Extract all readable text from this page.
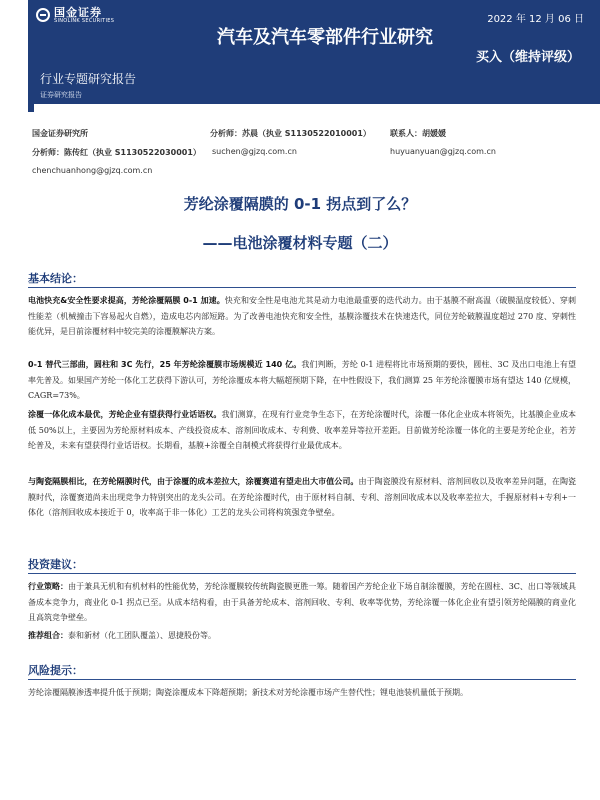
国金证券
SINOLINK SECURITIES
汽车及汽车零部件行业研究
2022 年 12 月 06 日
买入（维持评级）
行业专题研究报告
证券研究报告
国金证券研究所	分析师：苏晨（执业 S1130522010001） 联系人：胡媛媛
分析师：陈传红（执业 S1130522030001） suchen@gjzq.com.cn	huyuanyuan@gjzq.com.cn
chenchuanhong@gjzq.com.cn
芳纶涂覆隔膜的 0-1 拐点到了么？
——电池涂覆材料专题（二）
基本结论：

电池快充&安全性要求提高，芳纶涂覆隔膜 0-1 加速。快充和安全性是电池尤其是动力电池最重要的迭代动力。由于基膜不耐高温（破膜温度较低）、穿刺性能差（机械撞击下容易起火自燃），造成电芯内部短路。为了改善电池快充和安全性，基膜涂覆技术在快速迭代，同位芳纶破膜温度超过 270 度、穿刺性能优异，是目前涂覆材料中较完美的涂覆膜解决方案。

0-1 替代三部曲，圆柱和 3C 先行，25 年芳纶涂覆膜市场规模近 140 亿。我们判断，芳纶 0-1 进程将比市场预期的要快，圆柱、3C 及出口电池上有望率先普及。如果国产芳纶一体化工艺获得下游认可，芳纶涂覆成本将大幅超预期下降，在中性假设下，我们测算 25 年芳纶涂覆膜市场有望达 140 亿规模，CAGR=73%。

涂覆一体化成本最优，芳纶企业有望获得行业话语权。我们测算，在现有行业竞争生态下，在芳纶涂覆时代，涂覆一体化企业成本将领先，比基膜企业成本低 50%以上，主要因为芳纶原材料成本、产线投资成本、溶剂回收成本、专利费、收率差异等拉开差距。目前做芳纶涂覆一体化的主要是芳纶企业，若芳纶普及，未来有望获得行业话语权。长期看，基膜+涂覆全自制模式将获得行业最优成本。

与陶瓷隔膜相比，在芳纶隔膜时代，由于涂覆的成本差拉大，涂覆赛道有望走出大市值公司。由于陶瓷膜没有原材料、溶剂回收以及收率差异问题，在陶瓷膜时代，涂覆赛道尚未出现竞争力特别突出的龙头公司。在芳纶涂覆时代，由于原材料自制、专利、溶剂回收成本以及收率差拉大，手握原材料+专利+一体化（溶剂回收成本接近于 0，收率高于非一体化）工艺的龙头公司将构筑强竞争壁垒。

投资建议：

行业策略：由于兼具无机和有机材料的性能优势，芳纶涂覆膜较传统陶瓷膜更胜一筹。随着国产芳纶企业下场自制涂覆膜，芳纶在圆柱、3C、出口等领域具备成本竞争力，商业化 0-1 拐点已至。从成本结构看，由于具备芳纶成本、溶剂回收、专利、收率等优势，芳纶涂覆一体化企业有望引领芳纶隔膜的商业化且高筑竞争壁垒。

推荐组合：泰和新材（化工团队覆盖）、恩捷股份等。

风险提示：

芳纶涂覆隔膜渗透率提升低于预期；陶瓷涂覆成本下降超预期；新技术对芳纶涂覆市场产生替代性；锂电池装机量低于预期。
